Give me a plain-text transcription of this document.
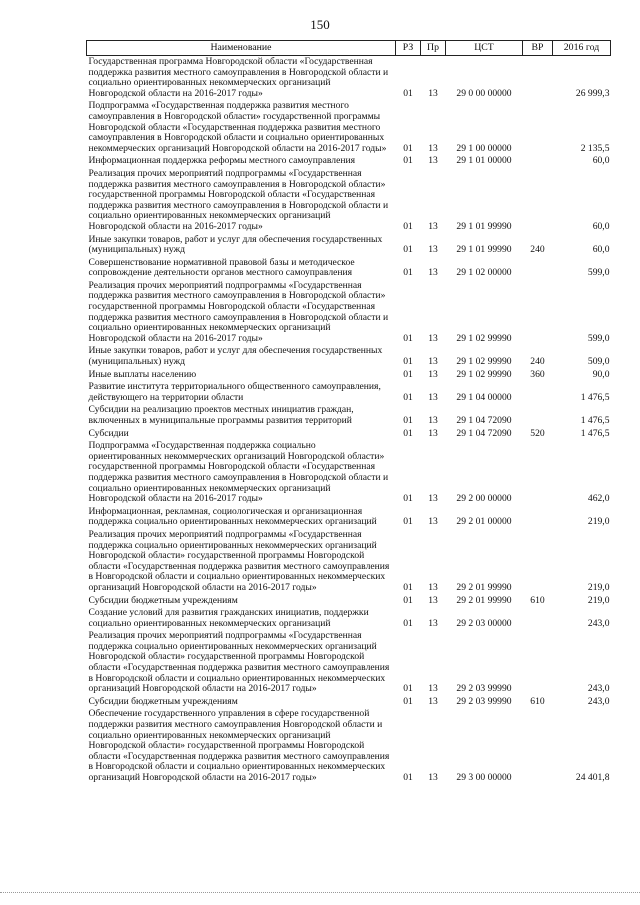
150
Наименование	РЗ	Пр	ЦСТ	ВР	2016 год
Государственная программа Новгородской области «Государственная поддержка развития местного самоуправления в Новгородской области и социально ориентированных некоммерческих организаций Новгородской области на 2016-2017 годы»	01	13	29 0 00 00000		26 999,3
Подпрограмма «Государственная поддержка развития местного самоуправления в Новгородской области» государственной программы Новгородской области «Государственная поддержка развития местного самоуправления в Новгородской области и социально ориентированных некоммерческих организаций Новгородской области на 2016-2017 годы»	01	13	29 1 00 00000		2 135,5
Информационная поддержка реформы местного самоуправления	01	13	29 1 01 00000		60,0
Реализация прочих мероприятий подпрограммы «Государственная поддержка развития местного самоуправления в Новгородской области» государственной программы Новгородской области «Государственная поддержка развития местного самоуправления в Новгородской области и социально ориентированных некоммерческих организаций Новгородской области на 2016-2017 годы»	01	13	29 1 01 99990		60,0
Иные закупки товаров, работ и услуг для обеспечения государственных (муниципальных) нужд	01	13	29 1 01 99990	240	60,0
Совершенствование нормативной правовой базы и методическое сопровождение деятельности органов местного самоуправления	01	13	29 1 02 00000		599,0
Реализация прочих мероприятий подпрограммы «Государственная поддержка развития местного самоуправления в Новгородской области» государственной программы Новгородской области «Государственная поддержка развития местного самоуправления в Новгородской области и социально ориентированных некоммерческих организаций Новгородской области на 2016-2017 годы»	01	13	29 1 02 99990		599,0
Иные закупки товаров, работ и услуг для обеспечения государственных (муниципальных) нужд	01	13	29 1 02 99990	240	509,0
Иные выплаты населению	01	13	29 1 02 99990	360	90,0
Развитие института территориального общественного самоуправления, действующего на территории области	01	13	29 1 04 00000		1 476,5
Субсидии на реализацию проектов местных инициатив граждан, включенных в муниципальные программы развития территорий	01	13	29 1 04 72090		1 476,5
Субсидии	01	13	29 1 04 72090	520	1 476,5
Подпрограмма «Государственная поддержка социально ориентированных некоммерческих организаций Новгородской области» государственной программы Новгородской области «Государственная поддержка развития местного самоуправления в Новгородской области и социально ориентированных некоммерческих организаций Новгородской области на 2016-2017 годы»	01	13	29 2 00 00000		462,0
Информационная, рекламная, социологическая и организационная поддержка социально ориентированных некоммерческих организаций	01	13	29 2 01 00000		219,0
Реализация прочих мероприятий подпрограммы «Государственная поддержка социально ориентированных некоммерческих организаций Новгородской области» государственной программы Новгородской области «Государственная поддержка развития местного самоуправления в Новгородской области и социально ориентированных некоммерческих организаций Новгородской области на 2016-2017 годы»	01	13	29 2 01 99990		219,0
Субсидии бюджетным учреждениям	01	13	29 2 01 99990	610	219,0
Создание условий для развития гражданских инициатив, поддержки социально ориентированных некоммерческих организаций	01	13	29 2 03 00000		243,0
Реализация прочих мероприятий подпрограммы «Государственная поддержка социально ориентированных некоммерческих организаций Новгородской области» государственной программы Новгородской области «Государственная поддержка развития местного самоуправления в Новгородской области и социально ориентированных некоммерческих организаций Новгородской области на 2016-2017 годы»	01	13	29 2 03 99990		243,0
Субсидии бюджетным учреждениям	01	13	29 2 03 99990	610	243,0
Обеспечение государственного управления в сфере государственной поддержки развития местного самоуправления Новгородской области и социально ориентированных некоммерческих организаций Новгородской области» государственной программы Новгородской области «Государственная поддержка развития местного самоуправления в Новгородской области и социально ориентированных некоммерческих организаций Новгородской области на 2016-2017 годы»	01	13	29 3 00 00000		24 401,8
